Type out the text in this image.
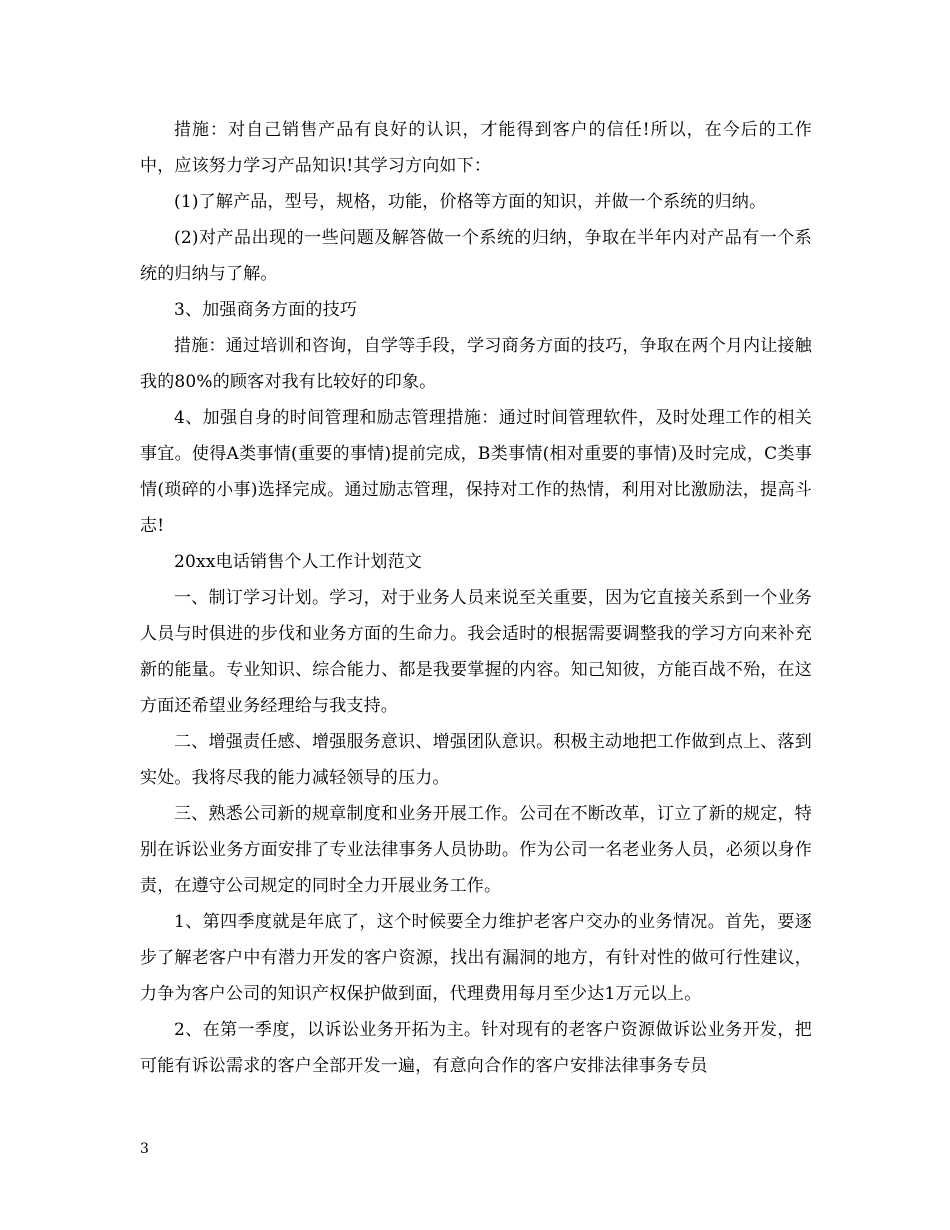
措施：对自己销售产品有良好的认识，才能得到客户的信任!所以，在今后的工作中，应该努力学习产品知识!其学习方向如下：

(1)了解产品，型号，规格，功能，价格等方面的知识，并做一个系统的归纳。

(2)对产品出现的一些问题及解答做一个系统的归纳，争取在半年内对产品有一个系统的归纳与了解。

3、加强商务方面的技巧

措施：通过培训和咨询，自学等手段，学习商务方面的技巧，争取在两个月内让接触我的80%的顾客对我有比较好的印象。

4、加强自身的时间管理和励志管理措施：通过时间管理软件，及时处理工作的相关事宜。使得A类事情(重要的事情)提前完成，B类事情(相对重要的事情)及时完成，C类事情(琐碎的小事)选择完成。通过励志管理，保持对工作的热情，利用对比激励法，提高斗志!

20xx电话销售个人工作计划范文

一、制订学习计划。学习，对于业务人员来说至关重要，因为它直接关系到一个业务人员与时俱进的步伐和业务方面的生命力。我会适时的根据需要调整我的学习方向来补充新的能量。专业知识、综合能力、都是我要掌握的内容。知己知彼，方能百战不殆，在这方面还希望业务经理给与我支持。

二、增强责任感、增强服务意识、增强团队意识。积极主动地把工作做到点上、落到实处。我将尽我的能力减轻领导的压力。

三、熟悉公司新的规章制度和业务开展工作。公司在不断改革，订立了新的规定，特别在诉讼业务方面安排了专业法律事务人员协助。作为公司一名老业务人员，必须以身作责，在遵守公司规定的同时全力开展业务工作。

1、第四季度就是年底了，这个时候要全力维护老客户交办的业务情况。首先，要逐步了解老客户中有潜力开发的客户资源，找出有漏洞的地方，有针对性的做可行性建议，力争为客户公司的知识产权保护做到面，代理费用每月至少达1万元以上。

2、在第一季度，以诉讼业务开拓为主。针对现有的老客户资源做诉讼业务开发，把可能有诉讼需求的客户全部开发一遍，有意向合作的客户安排法律事务专员

3
